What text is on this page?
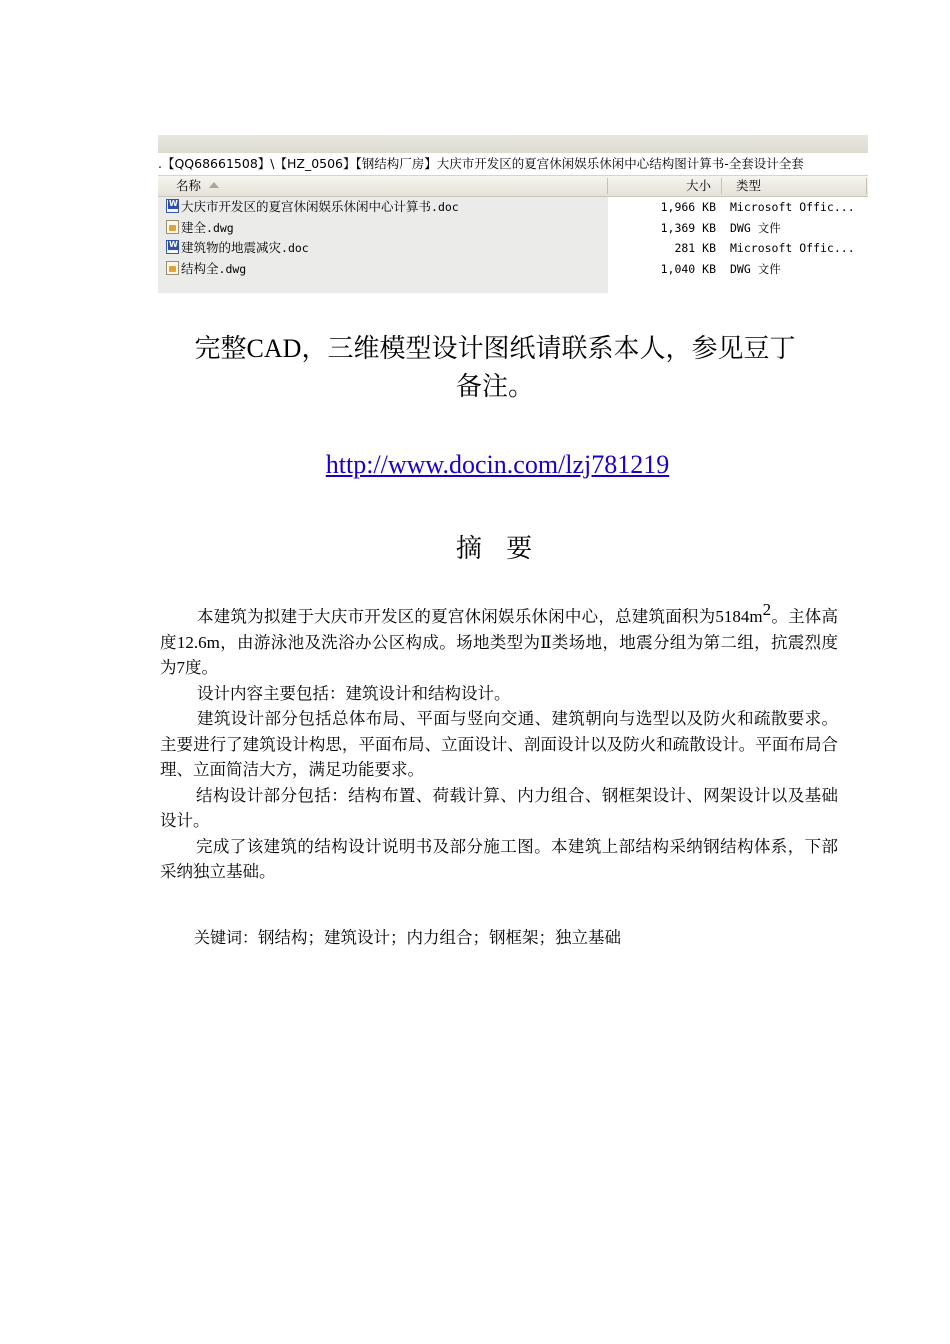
.【QQ68661508】\【HZ_0506】【钢结构厂房】大庆市开发区的夏宫休闲娱乐休闲中心结构图计算书-全套设计全套
名称	大小 类型
W大庆市开发区的夏宫休闲娱乐休闲中心计算书.doc	1,966 KB Microsoft Offic...
建全.dwg	1,369 KB DWG 文件
W建筑物的地震减灾.doc	281 KB Microsoft Offic...
结构全.dwg	1,040 KB DWG 文件
完整CAD，三维模型设计图纸请联系本人，参见豆丁
备注。
http://www.docin.com/lzj781219
摘 要

本建筑为拟建于大庆市开发区的夏宫休闲娱乐休闲中心，总建筑面积为$5184m^2$。主体高度12.6m，由游泳池及洗浴办公区构成。场地类型为Ⅱ类场地，地震分组为第二组，抗震烈度为7度。

设计内容主要包括：建筑设计和结构设计。

建筑设计部分包括总体布局、平面与竖向交通、建筑朝向与选型以及防火和疏散要求。主要进行了建筑设计构思，平面布局、立面设计、剖面设计以及防火和疏散设计。平面布局合理、立面简洁大方，满足功能要求。

结构设计部分包括：结构布置、荷载计算、内力组合、钢框架设计、网架设计以及基础设计。

完成了该建筑的结构设计说明书及部分施工图。本建筑上部结构采纳钢结构体系，下部采纳独立基础。

关键词：钢结构；建筑设计；内力组合；钢框架；独立基础
